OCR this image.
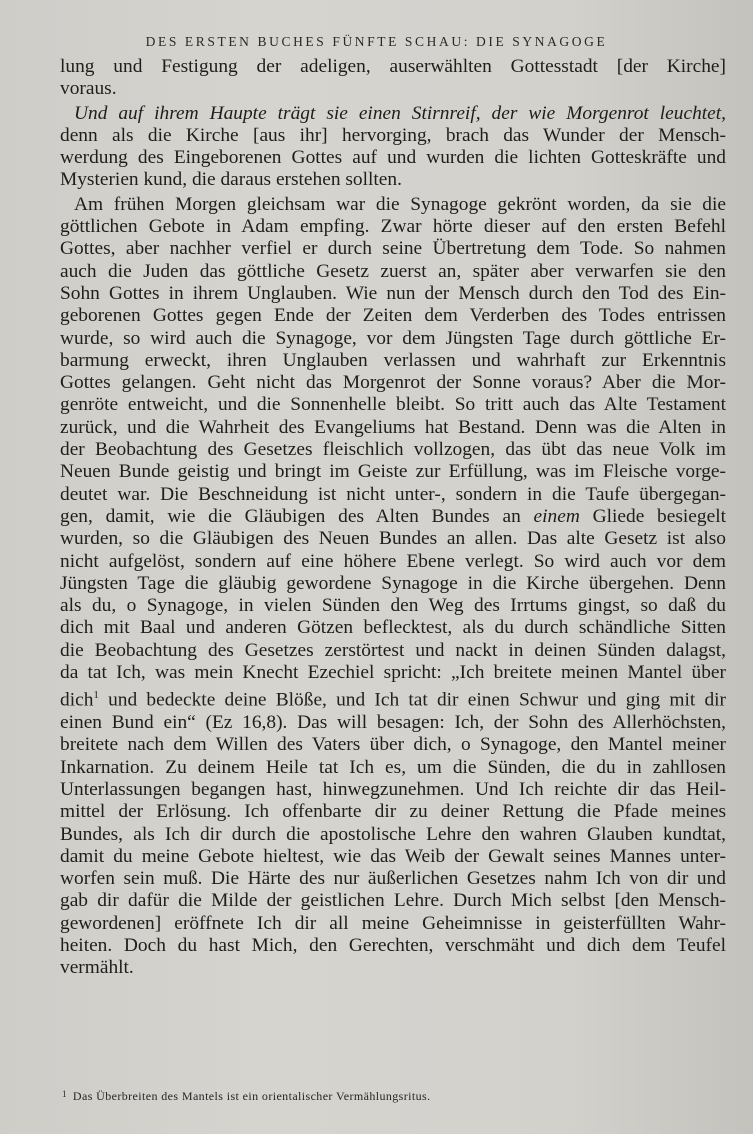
DES ERSTEN BUCHES FÜNFTE SCHAU: DIE SYNAGOGE
lung und Festigung der adeligen, auserwählten Gottesstadt [der Kirche]
voraus.
Und auf ihrem Haupte trägt sie einen Stirnreif, der wie Morgenrot leuchtet,
denn als die Kirche [aus ihr] hervorging, brach das Wunder der Mensch-
werdung des Eingeborenen Gottes auf und wurden die lichten Gotteskräfte und
Mysterien kund, die daraus erstehen sollten.
Am frühen Morgen gleichsam war die Synagoge gekrönt worden, da sie die
göttlichen Gebote in Adam empfing. Zwar hörte dieser auf den ersten Befehl
Gottes, aber nachher verfiel er durch seine Übertretung dem Tode. So nahmen
auch die Juden das göttliche Gesetz zuerst an, später aber verwarfen sie den
Sohn Gottes in ihrem Unglauben. Wie nun der Mensch durch den Tod des Ein-
geborenen Gottes gegen Ende der Zeiten dem Verderben des Todes entrissen
wurde, so wird auch die Synagoge, vor dem Jüngsten Tage durch göttliche Er-
barmung erweckt, ihren Unglauben verlassen und wahrhaft zur Erkenntnis
Gottes gelangen. Geht nicht das Morgenrot der Sonne voraus? Aber die Mor-
genröte entweicht, und die Sonnenhelle bleibt. So tritt auch das Alte Testament
zurück, und die Wahrheit des Evangeliums hat Bestand. Denn was die Alten in
der Beobachtung des Gesetzes fleischlich vollzogen, das übt das neue Volk im
Neuen Bunde geistig und bringt im Geiste zur Erfüllung, was im Fleische vorge-
deutet war. Die Beschneidung ist nicht unter-, sondern in die Taufe übergegan-
gen, damit, wie die Gläubigen des Alten Bundes an einem Gliede besiegelt
wurden, so die Gläubigen des Neuen Bundes an allen. Das alte Gesetz ist also
nicht aufgelöst, sondern auf eine höhere Ebene verlegt. So wird auch vor dem
Jüngsten Tage die gläubig gewordene Synagoge in die Kirche übergehen. Denn
als du, o Synagoge, in vielen Sünden den Weg des Irrtums gingst, so daß du
dich mit Baal und anderen Götzen beflecktest, als du durch schändliche Sitten
die Beobachtung des Gesetzes zerstörtest und nackt in deinen Sünden dalagst,
da tat Ich, was mein Knecht Ezechiel spricht: „Ich breitete meinen Mantel über
dich$^1$ und bedeckte deine Blöße, und Ich tat dir einen Schwur und ging mit dir
einen Bund ein“ (Ez 16,8). Das will besagen: Ich, der Sohn des Allerhöchsten,
breitete nach dem Willen des Vaters über dich, o Synagoge, den Mantel meiner
Inkarnation. Zu deinem Heile tat Ich es, um die Sünden, die du in zahllosen
Unterlassungen begangen hast, hinwegzunehmen. Und Ich reichte dir das Heil-
mittel der Erlösung. Ich offenbarte dir zu deiner Rettung die Pfade meines
Bundes, als Ich dir durch die apostolische Lehre den wahren Glauben kundtat,
damit du meine Gebote hieltest, wie das Weib der Gewalt seines Mannes unter-
worfen sein muß. Die Härte des nur äußerlichen Gesetzes nahm Ich von dir und
gab dir dafür die Milde der geistlichen Lehre. Durch Mich selbst [den Mensch-
gewordenen] eröffnete Ich dir all meine Geheimnisse in geisterfüllten Wahr-
heiten. Doch du hast Mich, den Gerechten, verschmäht und dich dem Teufel
vermählt.
$^1$ Das Überbreiten des Mantels ist ein orientalischer Vermählungsritus.
